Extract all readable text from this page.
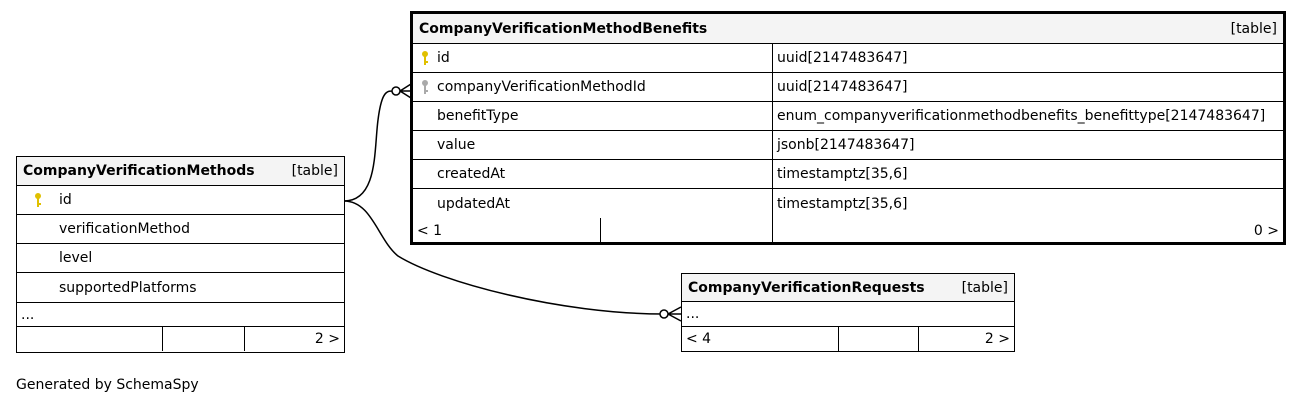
CompanyVerificationMethodBenefits	[table]
id	uuid[2147483647]
companyVerificationMethodId	uuid[2147483647]
benefitType	enum_companyverificationmethodbenefits_benefittype[2147483647]
value	jsonb[2147483647]
createdAt	timestamptz[35,6]
updatedAt	timestamptz[35,6]
< 1	0 >
CompanyVerificationMethods	[table]
id
verificationMethod
level
supportedPlatforms
...
2 >
CompanyVerificationRequests	[table]
...
< 4	2 >
Generated by SchemaSpy
